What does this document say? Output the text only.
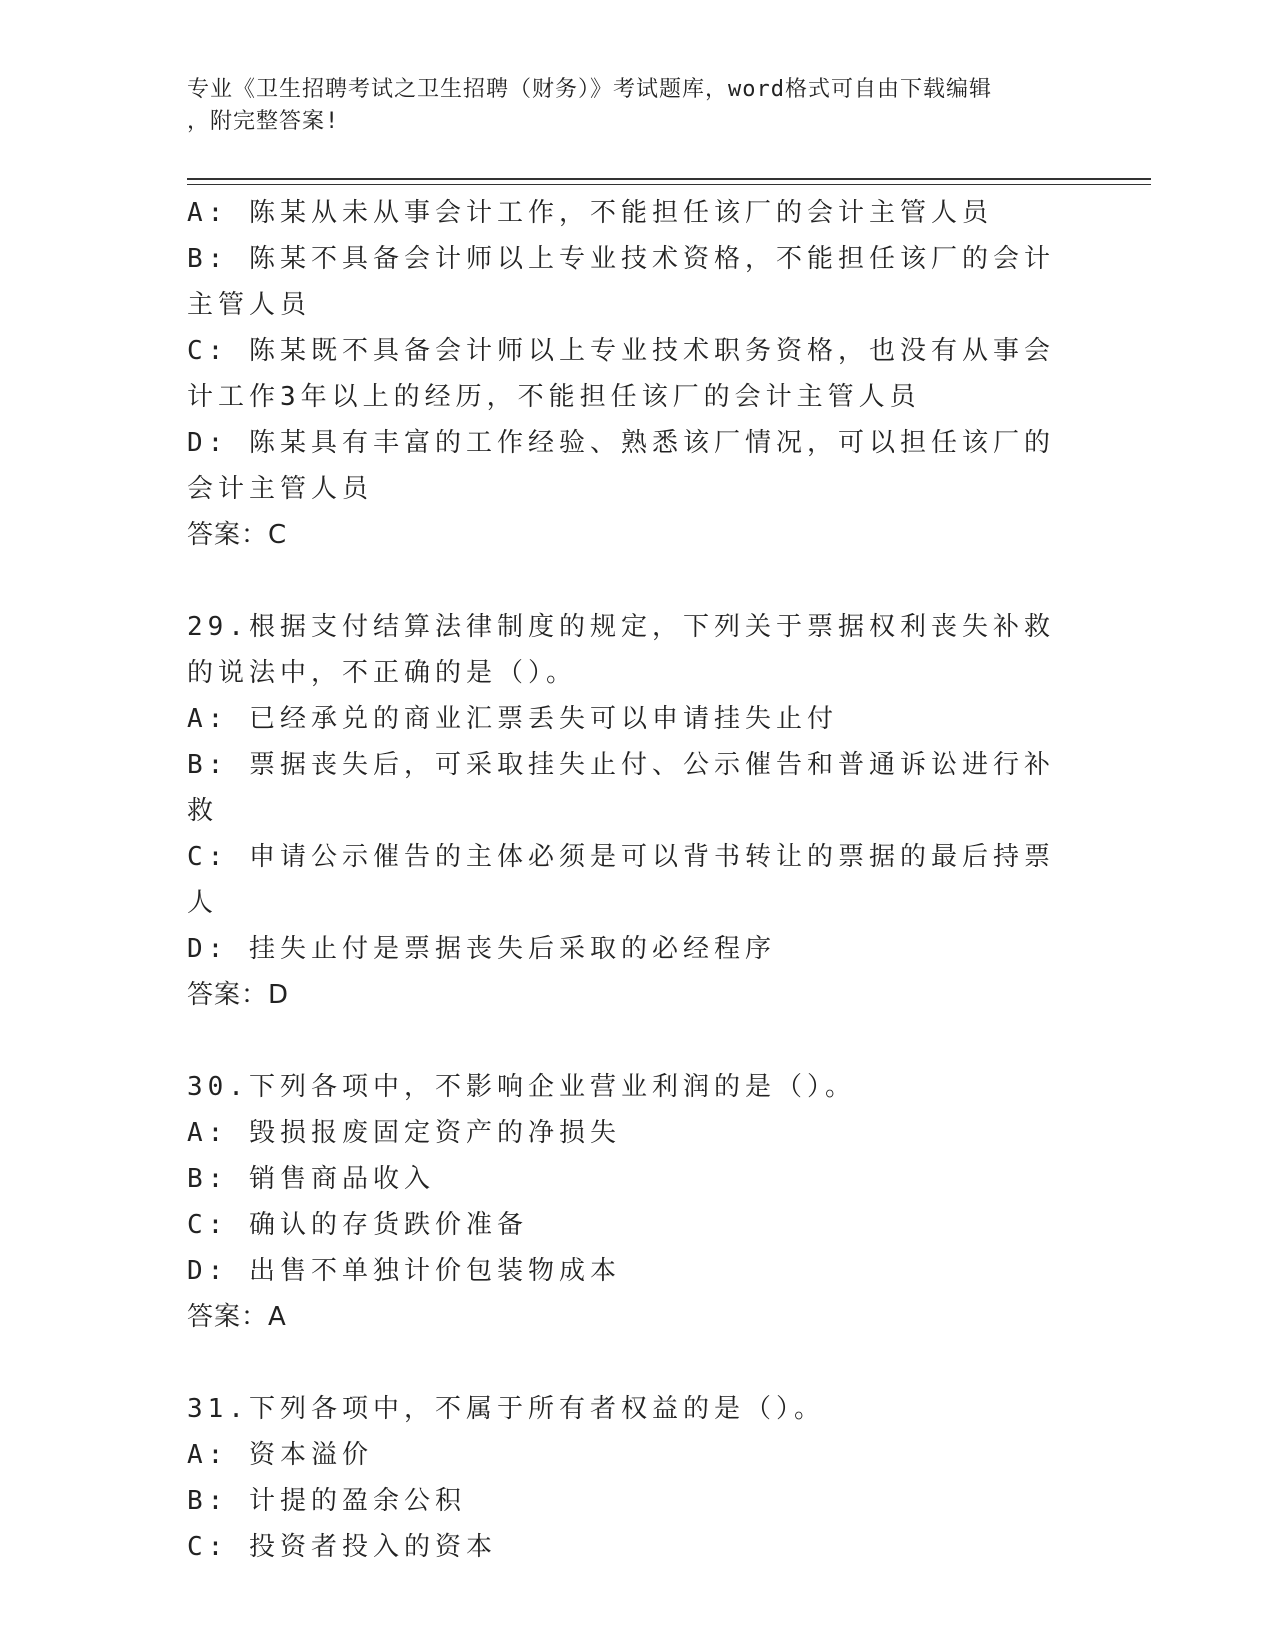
专业《卫生招聘考试之卫生招聘（财务）》考试题库，word格式可自由下载编辑
，附完整答案!
A: 陈某从未从事会计工作，不能担任该厂的会计主管人员
B: 陈某不具备会计师以上专业技术资格，不能担任该厂的会计主管人员
C: 陈某既不具备会计师以上专业技术职务资格，也没有从事会计工作3年以上的经历，不能担任该厂的会计主管人员
D: 陈某具有丰富的工作经验、熟悉该厂情况，可以担任该厂的会计主管人员
答案：C
29.根据支付结算法律制度的规定，下列关于票据权利丧失补救的说法中，不正确的是（）。
A: 已经承兑的商业汇票丢失可以申请挂失止付
B: 票据丧失后，可采取挂失止付、公示催告和普通诉讼进行补救
C: 申请公示催告的主体必须是可以背书转让的票据的最后持票人
D: 挂失止付是票据丧失后采取的必经程序
答案：D
30.下列各项中，不影响企业营业利润的是（）。
A: 毁损报废固定资产的净损失
B: 销售商品收入
C: 确认的存货跌价准备
D: 出售不单独计价包装物成本
答案：A
31.下列各项中，不属于所有者权益的是（）。
A: 资本溢价
B: 计提的盈余公积
C: 投资者投入的资本
